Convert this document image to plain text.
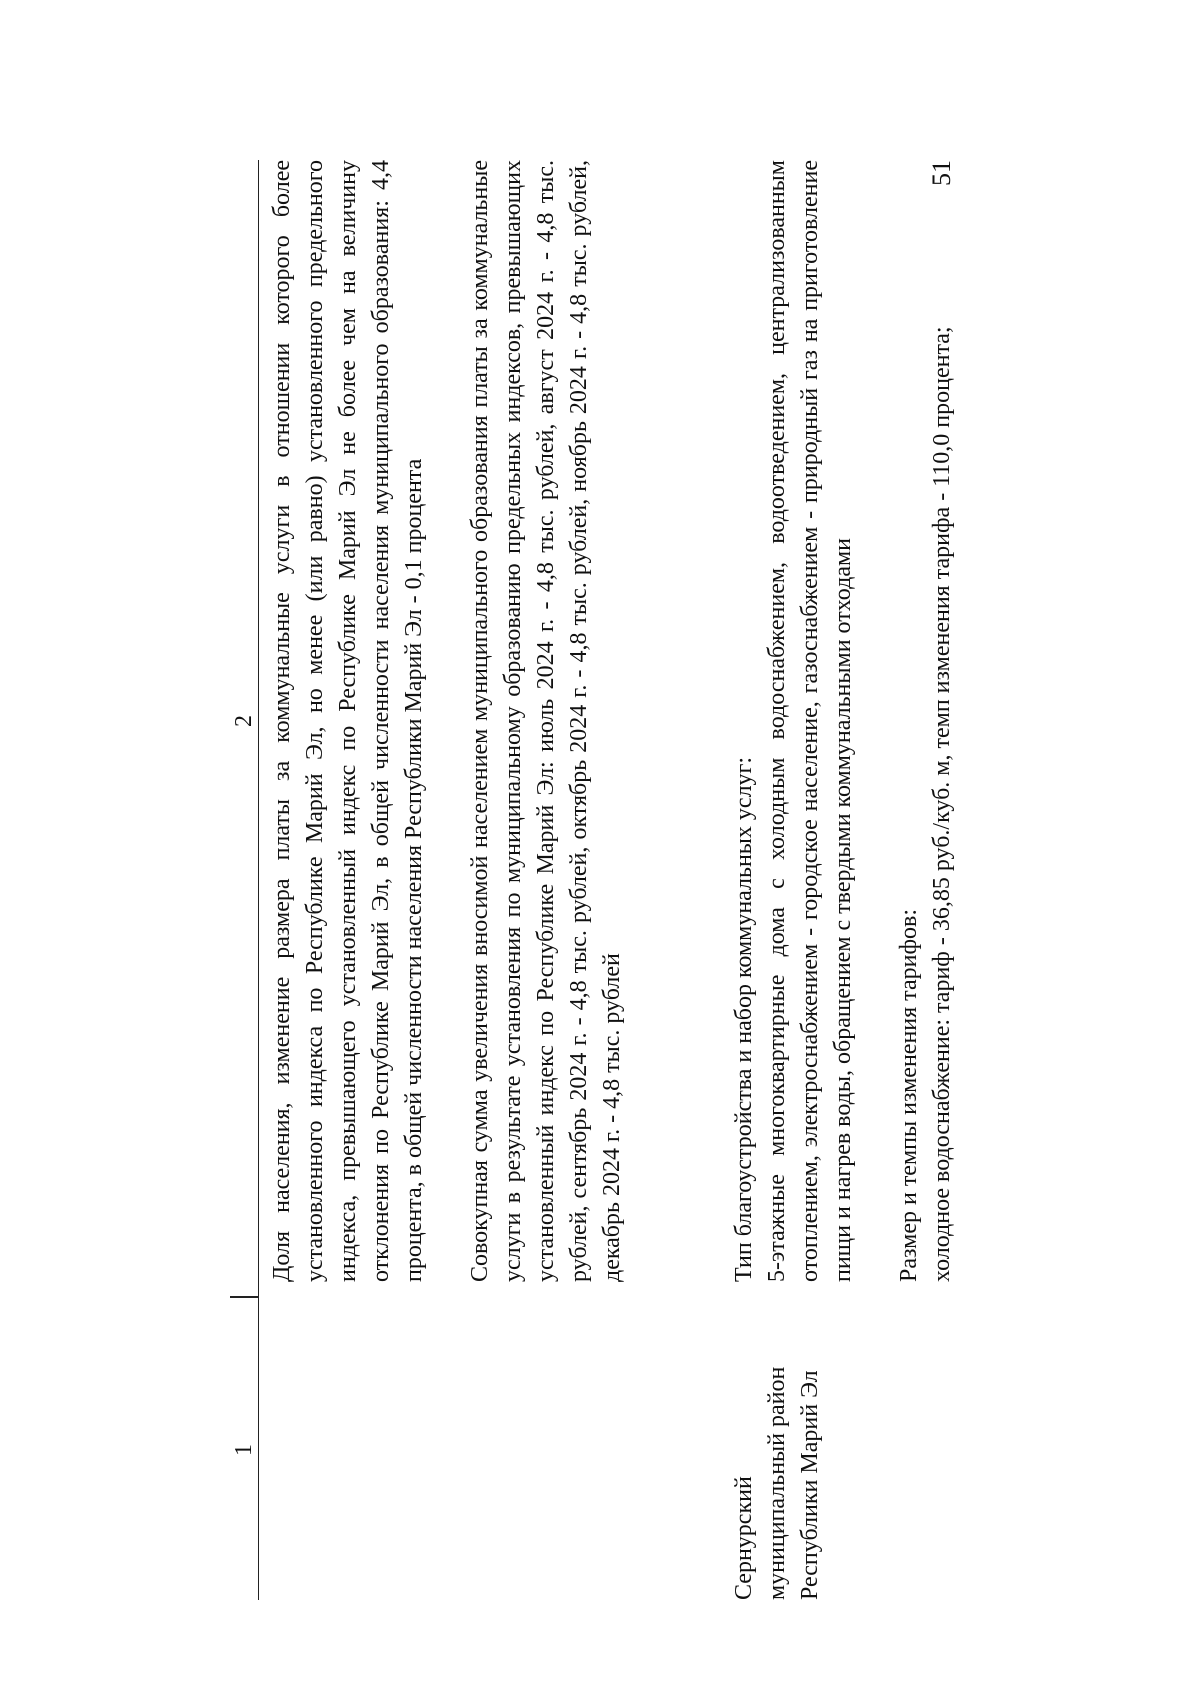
51
1
2 Доля населения, изменение размера платы за коммунальные услуги в отношении которого более установленного индекса по Республике Марий Эл, но менее (или равно) установленного предельного индекса, превышающего установленный индекс по Республике Марий Эл не более чем на величину отклонения по Республике Марий Эл, в общей численности населения муниципального образования: 4,4 процента, в общей численности населения Республики Марий Эл - 0,1 процента Совокупная сумма увеличения вносимой населением муниципального образования платы за коммунальные услуги в результате установления по муниципальному образованию предельных индексов, превышающих установленный индекс по Республике Марий Эл: июль 2024 г. - 4,8 тыс. рублей, август 2024 г. - 4,8 тыс. рублей, сентябрь 2024 г. - 4,8 тыс. рублей, октябрь 2024 г. - 4,8 тыс. рублей, ноябрь 2024 г. - 4,8 тыс. рублей, декабрь 2024 г. - 4,8 тыс. рублей

Сернурский
муниципальный район
Республики Марий Эл

Тип благоустройства и набор коммунальных услуг: 5-этажные многоквартирные дома с холодным водоснабжением, водоотведением, централизованным отоплением, электроснабжением - городское население, газоснабжением - природный газ на приготовление пищи и нагрев воды, обращением с твердыми коммунальными отходами Размер и темпы изменения тарифов: холодное водоснабжение: тариф - 36,85 руб./куб. м, темп изменения тарифа - 110,0 процента;
